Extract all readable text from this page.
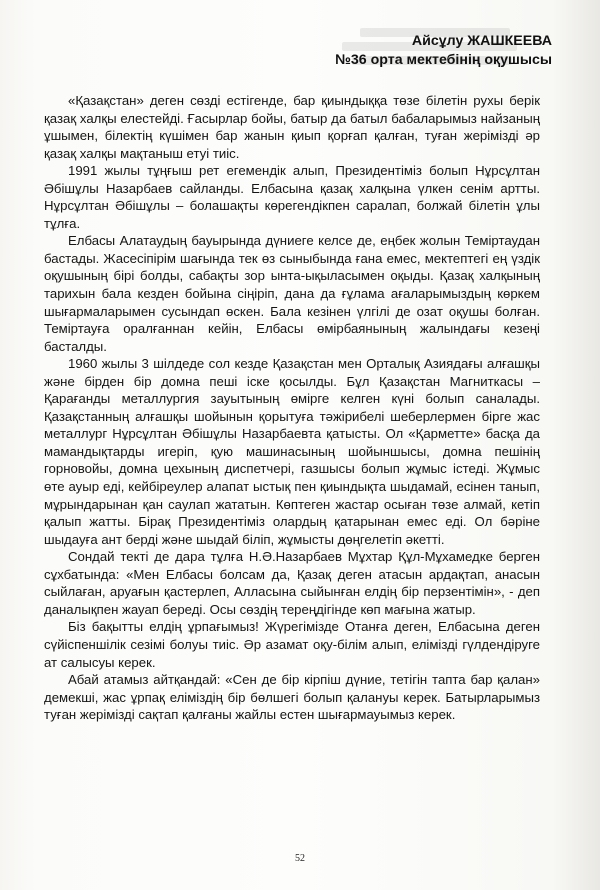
Айсұлу ЖАШКЕЕВА
№36 орта мектебінің оқушысы

«Қазақстан» деген сөзді естігенде, бар қиындыққа төзе білетін рухы берік қазақ халқы елестейді. Ғасырлар бойы, батыр да батыл бабаларымыз найзаның ұшымен, білектің күшімен бар жанын қиып қорғап қалған, туған жерімізді әр қазақ халқы мақтаныш етуі тиіс.

1991 жылы тұңғыш рет егемендік алып, Президентіміз болып Нұрсұлтан Әбішұлы Назарбаев сайланды. Елбасына қазақ халқына үлкен сенім артты. Нұрсұлтан Әбішұлы – болашақты көрегендікпен саралап, болжай білетін ұлы тұлға.

Елбасы Алатаудың бауырында дүниеге келсе де, еңбек жолын Теміртаудан бастады. Жасесіпірім шағында тек өз сыныбында ғана емес, мектептегі ең үздік оқушының бірі болды, сабақты зор ынта-ықыласымен оқыды. Қазақ халқының тарихын бала кезден бойына сіңіріп, дана да ғұлама ағаларымыздың көркем шығармаларымен сусындап өскен. Бала кезінен үлгілі де озат оқушы болған. Теміртауға оралғаннан кейін, Елбасы өмірбаянының жалындағы кезеңі басталды.

1960 жылы 3 шілдеде сол кезде Қазақстан мен Орталық Азиядағы алғашқы және бірден бір домна пеші іске қосылды. Бұл Қазақстан Магниткасы – Қарағанды металлургия зауытының өмірге келген күні болып саналады. Қазақстанның алғашқы шойынын қорытуға тәжірибелі шеберлермен бірге жас металлург Нұрсұлтан Әбішұлы Назарбаевта қатысты. Ол «Қарметте» басқа да мамандықтарды игеріп, қую машинасының шойыншысы, домна пешінің горновойы, домна цехының диспетчері, газшысы болып жұмыс істеді. Жұмыс өте ауыр еді, кейбіреулер алапат ыстық пен қиындықта шыдамай, есінен танып, мұрындарынан қан саулап жататын. Көптеген жастар осыған төзе алмай, кетіп қалып жатты. Бірақ Президентіміз олардың қатарынан емес еді. Ол бәріне шыдауға ант берді және шыдай біліп, жұмысты дөңгелетіп әкетті.

Сондай текті де дара тұлға Н.Ә.Назарбаев Мұхтар Құл-Мұхамедке берген сұхбатында: «Мен Елбасы болсам да, Қазақ деген атасын ардақтап, анасын сыйлаған, аруағын қастерлеп, Алласына сыйынған елдің бір перзентімін», - деп даналықпен жауап береді. Осы сөздің тереңдігінде көп мағына жатыр.

Біз бақытты елдің ұрпағымыз! Жүрегімізде Отанға деген, Елбасына деген сүйіспеншілік сезімі болуы тиіс. Әр азамат оқу-білім алып, елімізді гүлдендіруге ат салысуы керек.

Абай атамыз айтқандай: «Сен де бір кірпіш дүние, тетігін тапта бар қалан» демекші, жас ұрпақ еліміздің бір бөлшегі болып қалануы керек. Батырларымыз туған жерімізді сақтап қалғаны жайлы естен шығармауымыз керек.

52
